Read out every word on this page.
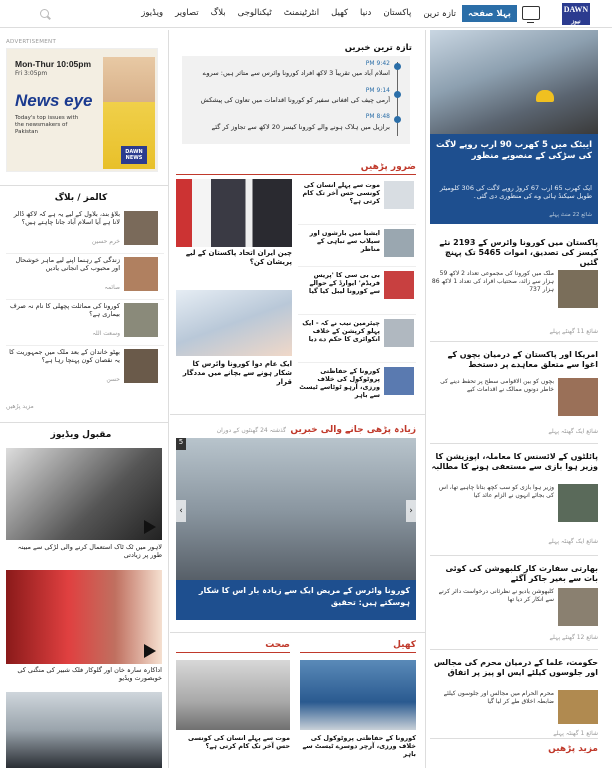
DAWN
نیوز
پہلا صفحہ
تازہ ترین
پاکستان
دنیا
کھیل
انٹرٹینمنٹ
ٹیکنالوجی
بلاگ
تصاویر
ویڈیوز
ADVERTISEMENT
Mon-Thur 10:05pm
Fri 3:05pm
News eye
Today's top issues with the newsmakers of Pakistan
DAWN NEWS
کالمز / بلاگ
بلاؤ بند، بلاول کے لیے یہ ہے کہ لاکھ ڈالر لانا ہے آیا اسلام آباد جانا چاہتے ہیں؟
خرم حسین
زندگی کے رہنما اپنے لیے ماہر خوشحال اور محبوب کی انجانی یادیں
صائمہ
کورونا کی مماثلت پچھلی کا نام نہ صرف بیماری ہے؟
وسعت اللہ
بھٹو خاندان کے بعد ملک میں جمہوریت کا یہ نقصان کون پہنچا رہا ہے؟
حسن
مزید پڑھیں
مقبول ویڈیوز
لاہور میں ٹک ٹاک استعمال کرنے والی لڑکی سے مبینہ طور پر زیادتی
اداکارہ سارہ خان اور گلوکار فلک شبیر کی منگنی کی خوبصورت ویڈیو
تازہ ترین خبریں
9:42 PM
اسلام آباد میں تقریباً 3 لاکھ افراد کورونا وائرس سے متاثر ہیں: سروے
9:14 PM
آرمی چیف کی افغانی سفیر کو کورونا اقدامات میں تعاون کی پیشکش
8:48 PM
برازیل میں ہلاک ہونے والے کورونا کیسز 20 لاکھ سے تجاوز کر گئے
ضرور پڑھیں
چین ایران اتحاد پاکستان کے لیے پریشان کن؟
ایک عام دوا کورونا وائرس کا شکار ہونے سے بچانے میں مددگار قرار
موت سے پہلے انسان کی کونسی حس آخر تک کام کرتی ہے؟
ایشیا میں بارشوں اور سیلاب سے تباہی کے مناظر
بی بی سی کا 'پریس فریڈم' ایوارڈ کے حوالے سے کورونا لیبل کیا گیا
چیئرمین نیب نے کہ - ایک پہلو کرپشن کے خلاف انکوائری کا حکم دے دیا
کورونا کے حفاظتی پروٹوکول کی خلاف ورزی، آرہو ٹوٹاسے ٹیسٹ سے باہر
زیادہ پڑھی جانے والی خبریں
گذشتہ 24 گھنٹوں کے دوران
5
‹	›
کورونا وائرس کے مریض ایک سے زیادہ بار اس کا شکار ہوسکتے ہیں: تحقیق
کھیل
صحت
کورونا کے حفاظتی پروٹوکول کی خلاف ورزی، آرچر دوسرے ٹیسٹ سے باہر
موت سے پہلے انسان کی کونسی حس آخر تک کام کرتی ہے؟
ایبٹک میں 5 کھرب 90 ارب روپے لاگت کی سڑکی کے منصوبے منظور
ایک کھرب 65 ارب 67 کروڑ روپے لاگت کی 306 کلومیٹر طویل سیکنڈ ہائی وے کی منظوری دی گئی۔
شائع 22 منٹ پہلے
پاکستان میں کورونا وائرس کے 2193 نئے کیسز کی تصدیق، اموات 5465 تک پہنچ گئیں
ملک میں کورونا کی مجموعی تعداد 2 لاکھ 59 ہزار سے زائد، صحتیاب افراد کی تعداد 1 لاکھ 86 ہزار 737
شائع 11 گھنٹے پہلے
امریکا اور پاکستان کے درمیان بچوں کے اغوا سے متعلق معاہدے پر دستخط
بچوں کو بین الاقوامی سطح پر تحفظ دینے کی خاطر دونوں ممالک نے اقدامات کیے
شائع ایک گھنٹہ پہلے
پائلٹوں کے لائسنس کا معاملہ، اپوزیشن کا وزیر ہوا بازی سے مستعفی ہونے کا مطالبہ
وزیر ہوا بازی کو سب کچھ بتانا چاہیے تھا، اس کی بجائے انہوں نے الزام عائد کیا
شائع ایک گھنٹہ پہلے
بھارتی سفارت کار کلبھوشن کی کوئی بات سے بغیر جاکر آگئے
کلبھوشن یادیو نے نظرثانی درخواست دائر کرنے سے انکار کر دیا تھا
شائع 12 گھنٹے پہلے
حکومت، علما کے درمیان محرم کی مجالس اور جلوسوں کیلئے ایس او پیز پر اتفاق
محرم الحرام میں مجالس اور جلوسوں کیلئے ضابطہ اخلاق طے کر لیا گیا
شائع 1 گھنٹہ پہلے
مزید پڑھیں
